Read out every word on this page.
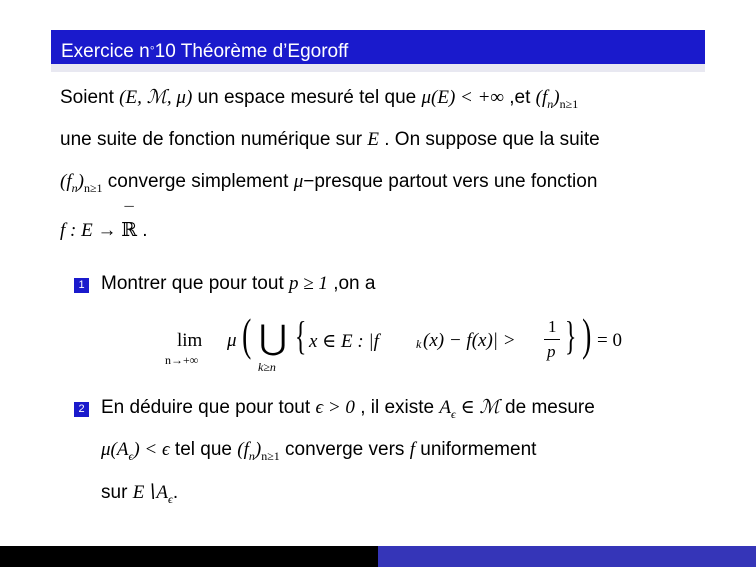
Exercice n◦10 Théorème d’Egoroff
Soient (E, ℳ, μ) un espace mesuré tel que μ(E) < +∞ ,et $(f_n)_{n\ge 1}$
une suite de fonction numérique sur E . On suppose que la suite
$(f_n)_{n\ge 1}$ converge simplement μ−presque partout vers une fonction
f : E →
‾
ℝ .
1 Montrer que pour tout p ≥ 1 ,on a
lim
n→+∞
μ ( ⋃
k≥n
{ x ∈ E : |f	k (x) − f(x)| >
1
p } ) = 0
2 En déduire que pour tout ϵ > 0 , il existe $A_\epsilon$ ∈ ℳ de mesure
$\mu(A_\epsilon) < \epsilon$ tel que $(f_n)_{n\ge 1}$ converge vers f uniformement
sur $E∖A_\epsilon$.
